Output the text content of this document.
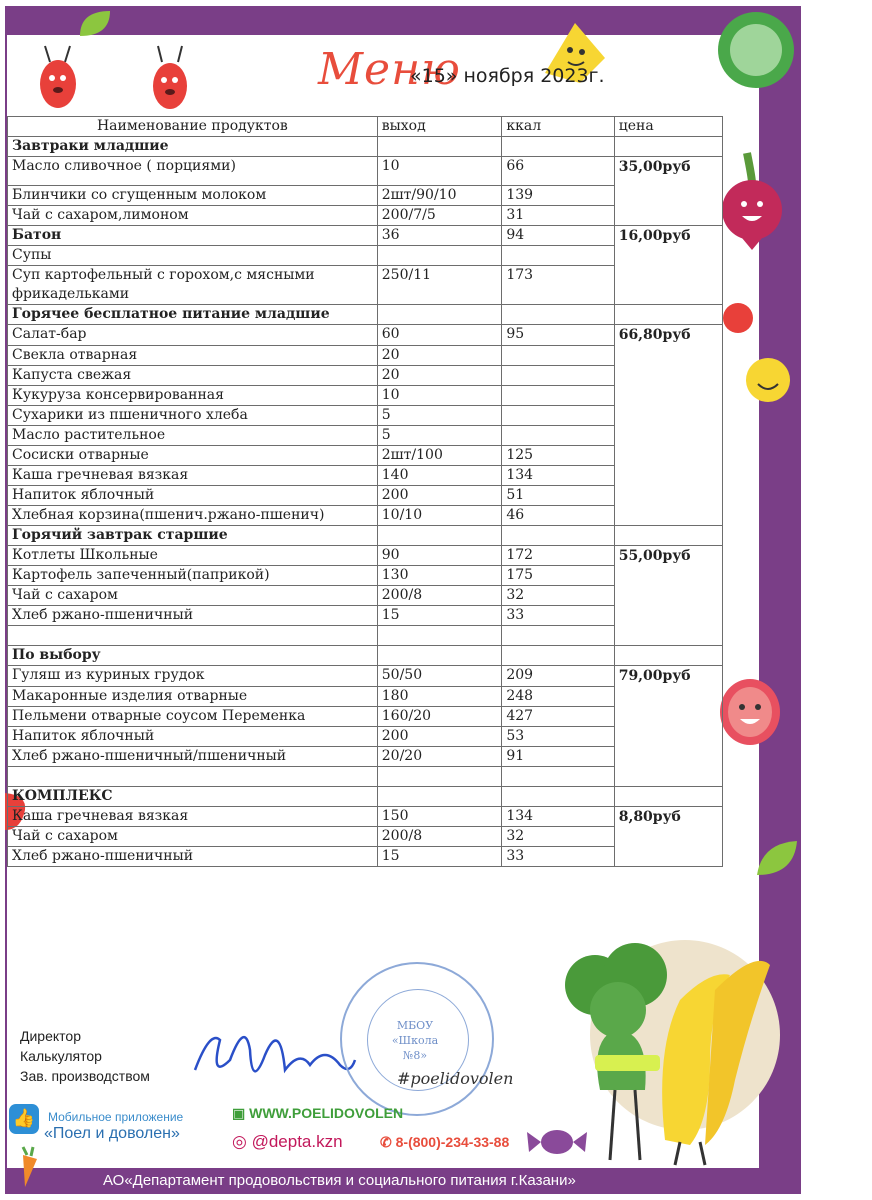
Меню
«15» ноября 2023г.
Наименование продуктов	выход	ккал	цена
Завтраки младшие			
Масло сливочное ( порциями)	10	66	35,00руб
Блинчики со сгущенным молоком	2шт/90/10	139	
Чай с сахаром,лимоном	200/7/5	31	
Батон	36	94	16,00руб
Супы			
Суп картофельный с горохом,с мясными фрикадельками	250/11	173	
Горячее бесплатное питание младшие			
Салат-бар	60	95	66,80руб
Свекла отварная	20		
Капуста свежая	20		
Кукуруза консервированная	10		
Сухарики из пшеничного хлеба	5		
Масло растительное	5		
Сосиски отварные	2шт/100	125	
Каша гречневая вязкая	140	134	
Напиток яблочный	200	51	
Хлебная корзина(пшенич.ржано-пшенич)	10/10	46	
Горячий завтрак старшие			
Котлеты Школьные	90	172	55,00руб
Картофель запеченный(паприкой)	130	175	
Чай с сахаром	200/8	32	
Хлеб ржано-пшеничный	15	33	

По выбору			
Гуляш из куриных грудок	50/50	209	79,00руб
Макаронные изделия отварные	180	248	
Пельмени отварные соусом Переменка	160/20	427	
Напиток яблочный	200	53	
Хлеб ржано-пшеничный/пшеничный	20/20	91	

КОМПЛЕКС			
Каша гречневая вязкая	150	134	8,80руб
Чай с сахаром	200/8	32	
Хлеб ржано-пшеничный	15	33	
Директор
Калькулятор
Зав. производством
МБОУ «Школа №8»
#poelidovolen
👍	Мобильное приложение
«Поел и доволен»
▣ WWW.POELIDOVOLEN
◎ @depta.kzn	✆ 8-(800)-234-33-88
АО«Департамент продовольствия и социального питания г.Казани»
